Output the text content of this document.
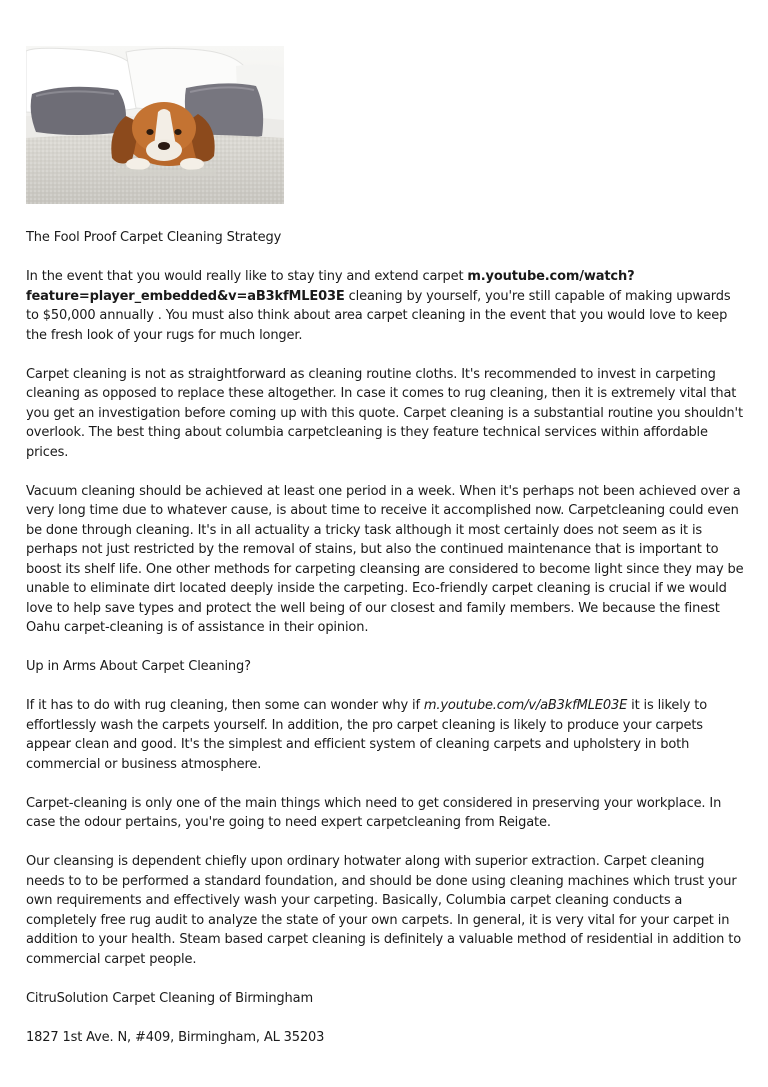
The Fool Proof Carpet Cleaning Strategy

In the event that you would really like to stay tiny and extend carpet m.youtube.com/watch?feature=player_embedded&v=aB3kfMLE03E cleaning by yourself, you're still capable of making upwards to $50,000 annually . You must also think about area carpet cleaning in the event that you would love to keep the fresh look of your rugs for much longer.

Carpet cleaning is not as straightforward as cleaning routine cloths. It's recommended to invest in carpeting cleaning as opposed to replace these altogether. In case it comes to rug cleaning, then it is extremely vital that you get an investigation before coming up with this quote. Carpet cleaning is a substantial routine you shouldn't overlook. The best thing about columbia carpetcleaning is they feature technical services within affordable prices.

Vacuum cleaning should be achieved at least one period in a week. When it's perhaps not been achieved over a very long time due to whatever cause, is about time to receive it accomplished now. Carpetcleaning could even be done through cleaning. It's in all actuality a tricky task although it most certainly does not seem as it is perhaps not just restricted by the removal of stains, but also the continued maintenance that is important to boost its shelf life. One other methods for carpeting cleansing are considered to become light since they may be unable to eliminate dirt located deeply inside the carpeting. Eco-friendly carpet cleaning is crucial if we would love to help save types and protect the well being of our closest and family members. We because the finest Oahu carpet-cleaning is of assistance in their opinion.

Up in Arms About Carpet Cleaning?

If it has to do with rug cleaning, then some can wonder why if m.youtube.com/v/aB3kfMLE03E it is likely to effortlessly wash the carpets yourself. In addition, the pro carpet cleaning is likely to produce your carpets appear clean and good. It's the simplest and efficient system of cleaning carpets and upholstery in both commercial or business atmosphere.

Carpet-cleaning is only one of the main things which need to get considered in preserving your workplace. In case the odour pertains, you're going to need expert carpetcleaning from Reigate.

Our cleansing is dependent chiefly upon ordinary hotwater along with superior extraction. Carpet cleaning needs to to be performed a standard foundation, and should be done using cleaning machines which trust your own requirements and effectively wash your carpeting. Basically, Columbia carpet cleaning conducts a completely free rug audit to analyze the state of your own carpets. In general, it is very vital for your carpet in addition to your health. Steam based carpet cleaning is definitely a valuable method of residential in addition to commercial carpet people.

CitruSolution Carpet Cleaning of Birmingham

1827 1st Ave. N, #409, Birmingham, AL 35203
